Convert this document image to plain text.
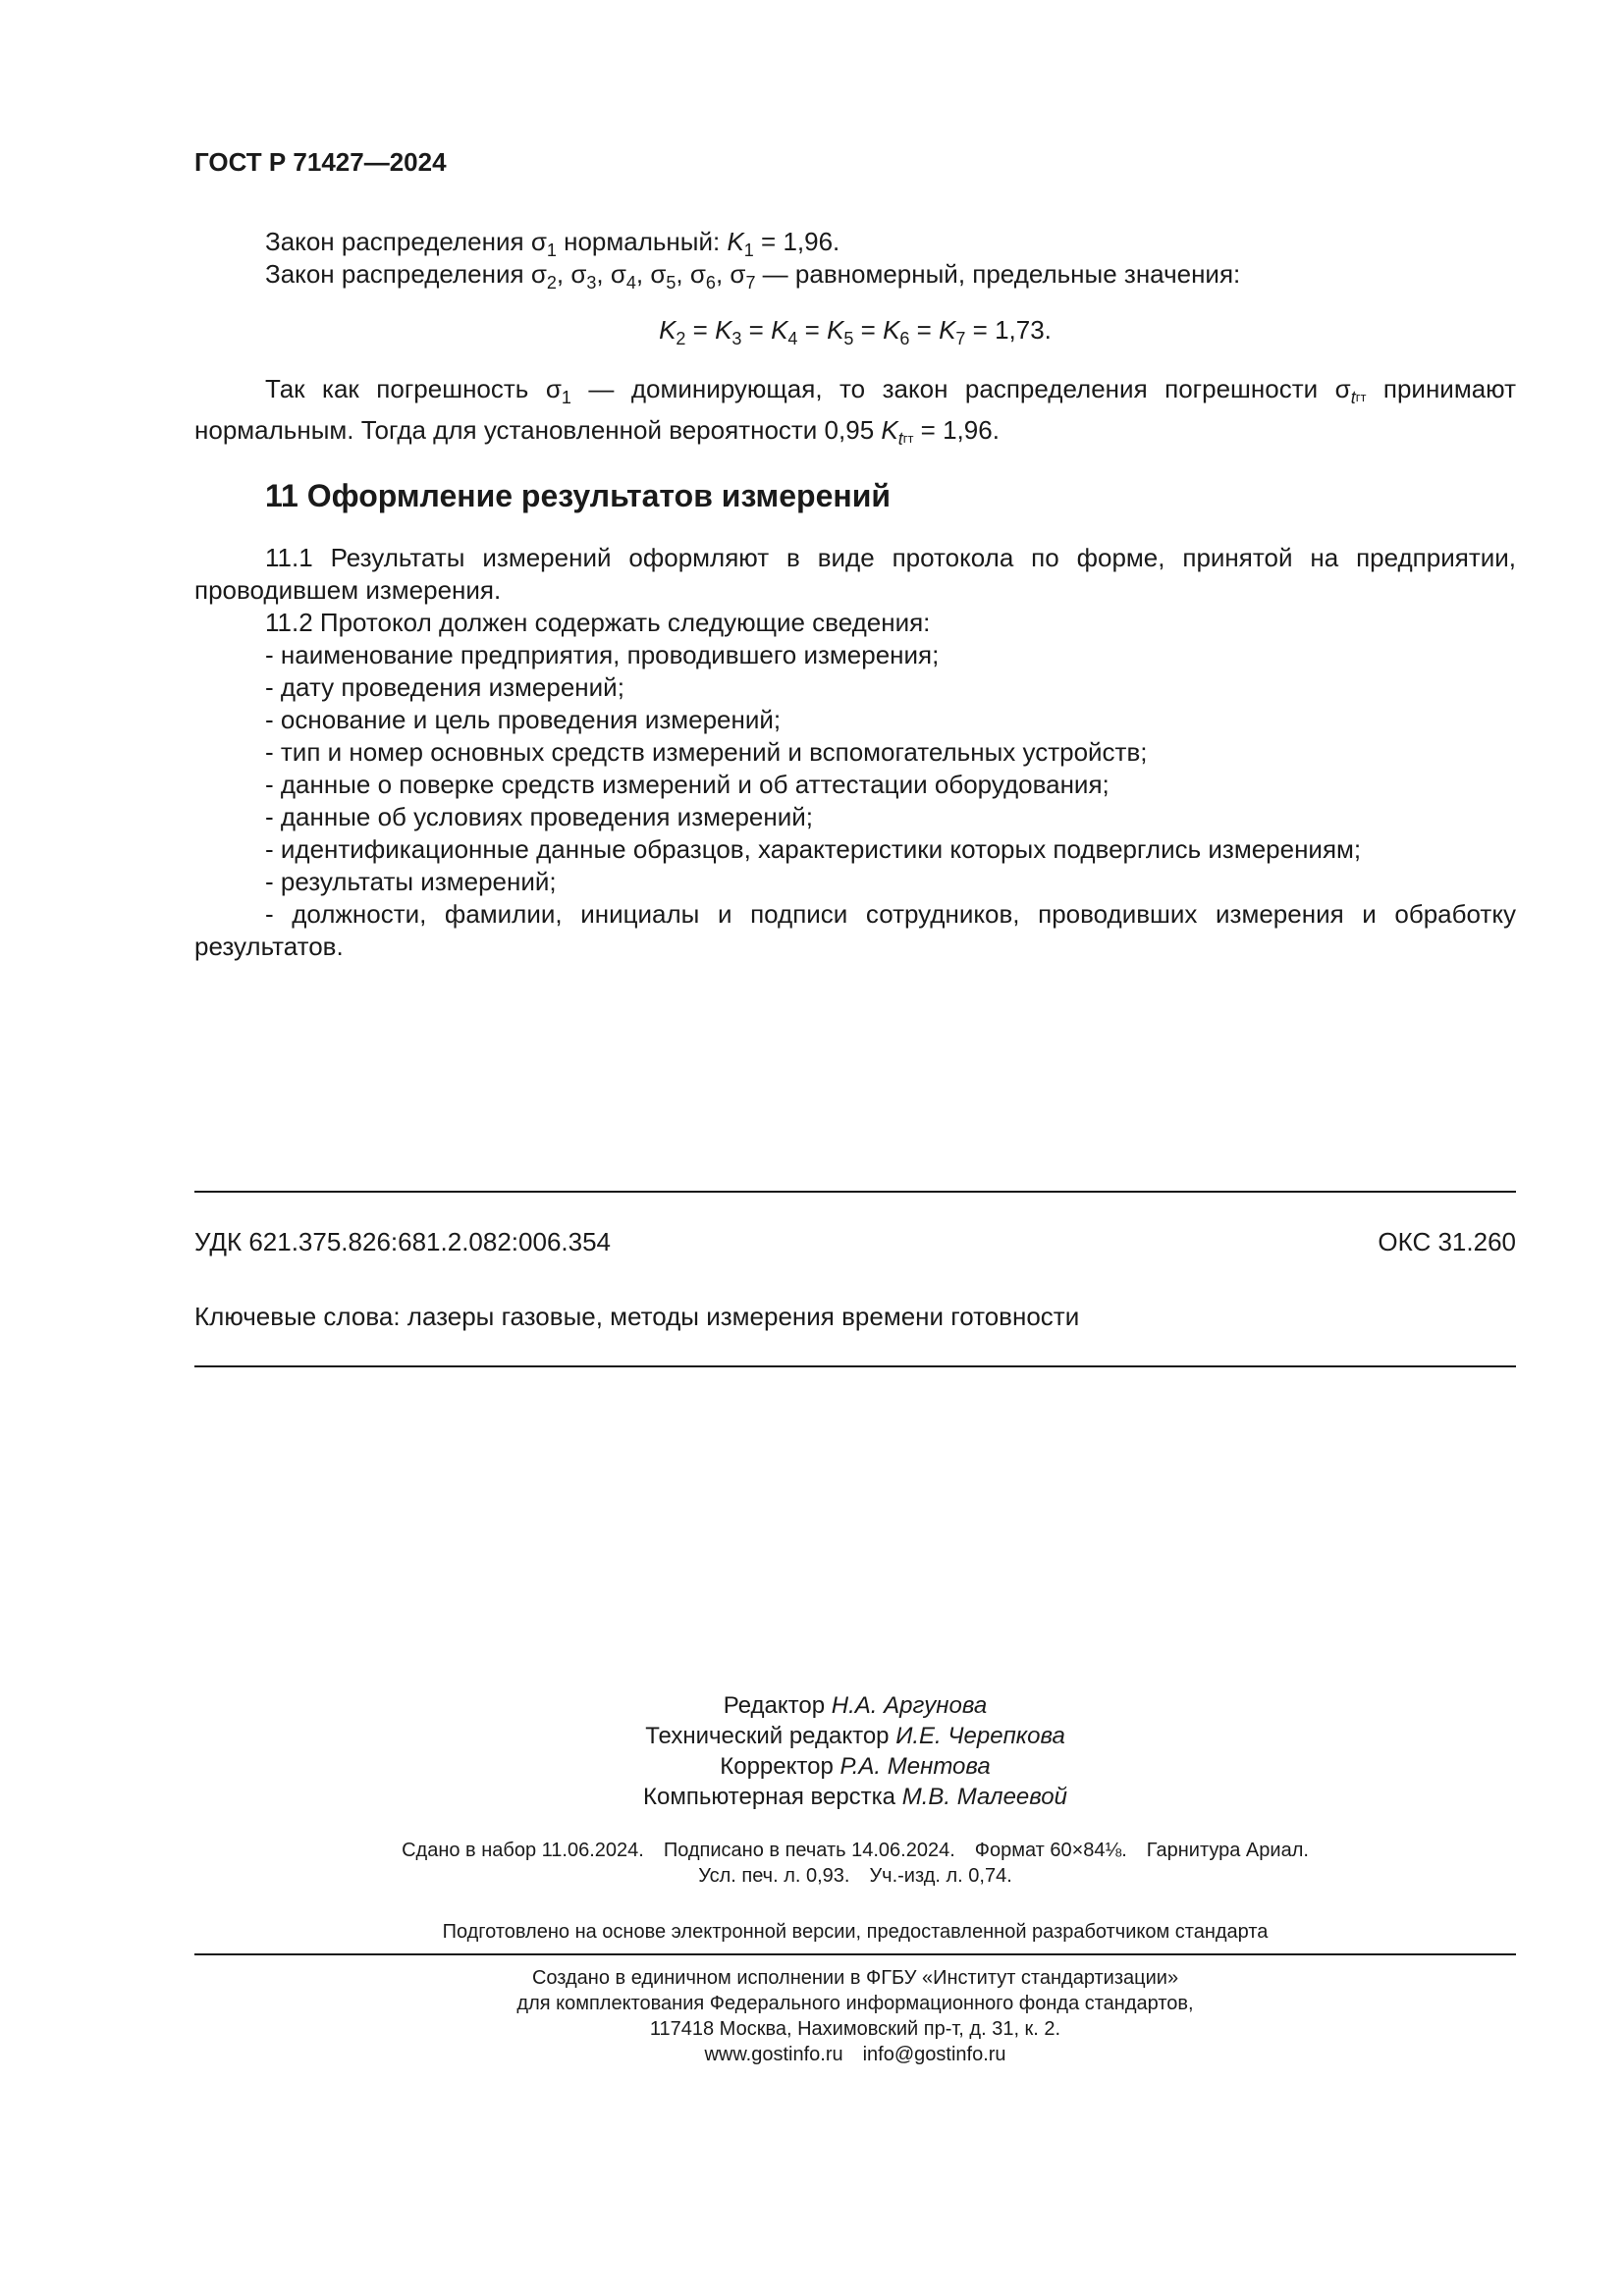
ГОСТ Р 71427—2024
Закон распределения $\sigma_1$ нормальный: $K_1 = 1,96$.
Закон распределения $\sigma_2$, $\sigma_3$, $\sigma_4$, $\sigma_5$, $\sigma_6$, $\sigma_7$ — равномерный, предельные значения:
$K_2 = K_3 = K_4 = K_5 = K_6 = K_7 = 1,73$.

Так как погрешность $\sigma_1$ — доминирующая, то закон распределения погрешности $\sigma_tгт$ принимают нормальным. Тогда для установленной вероятности 0,95 $K_tгт = 1,96$.

11 Оформление результатов измерений

11.1 Результаты измерений оформляют в виде протокола по форме, принятой на предприятии, проводившем измерения.

11.2 Протокол должен содержать следующие сведения:
- наименование предприятия, проводившего измерения;
- дату проведения измерений;
- основание и цель проведения измерений;
- тип и номер основных средств измерений и вспомогательных устройств;
- данные о поверке средств измерений и об аттестации оборудования;
- данные об условиях проведения измерений;
- идентификационные данные образцов, характеристики которых подверглись измерениям;
- результаты измерений;

- должности, фамилии, инициалы и подписи сотрудников, проводивших измерения и обработку результатов.

УДК 621.375.826:681.2.082:006.354	ОКС 31.260
Ключевые слова: лазеры газовые, методы измерения времени готовности
Редактор Н.А. Аргунова
Технический редактор И.Е. Черепкова
Корректор Р.А. Ментова
Компьютерная верстка М.В. Малеевой
Сдано в набор 11.06.2024. Подписано в печать 14.06.2024. Формат 60×84⅛. Гарнитура Ариал.
Усл. печ. л. 0,93. Уч.-изд. л. 0,74.
Подготовлено на основе электронной версии, предоставленной разработчиком стандарта
Создано в единичном исполнении в ФГБУ «Институт стандартизации»
для комплектования Федерального информационного фонда стандартов,
117418 Москва, Нахимовский пр-т, д. 31, к. 2.
www.gostinfo.ru info@gostinfo.ru
